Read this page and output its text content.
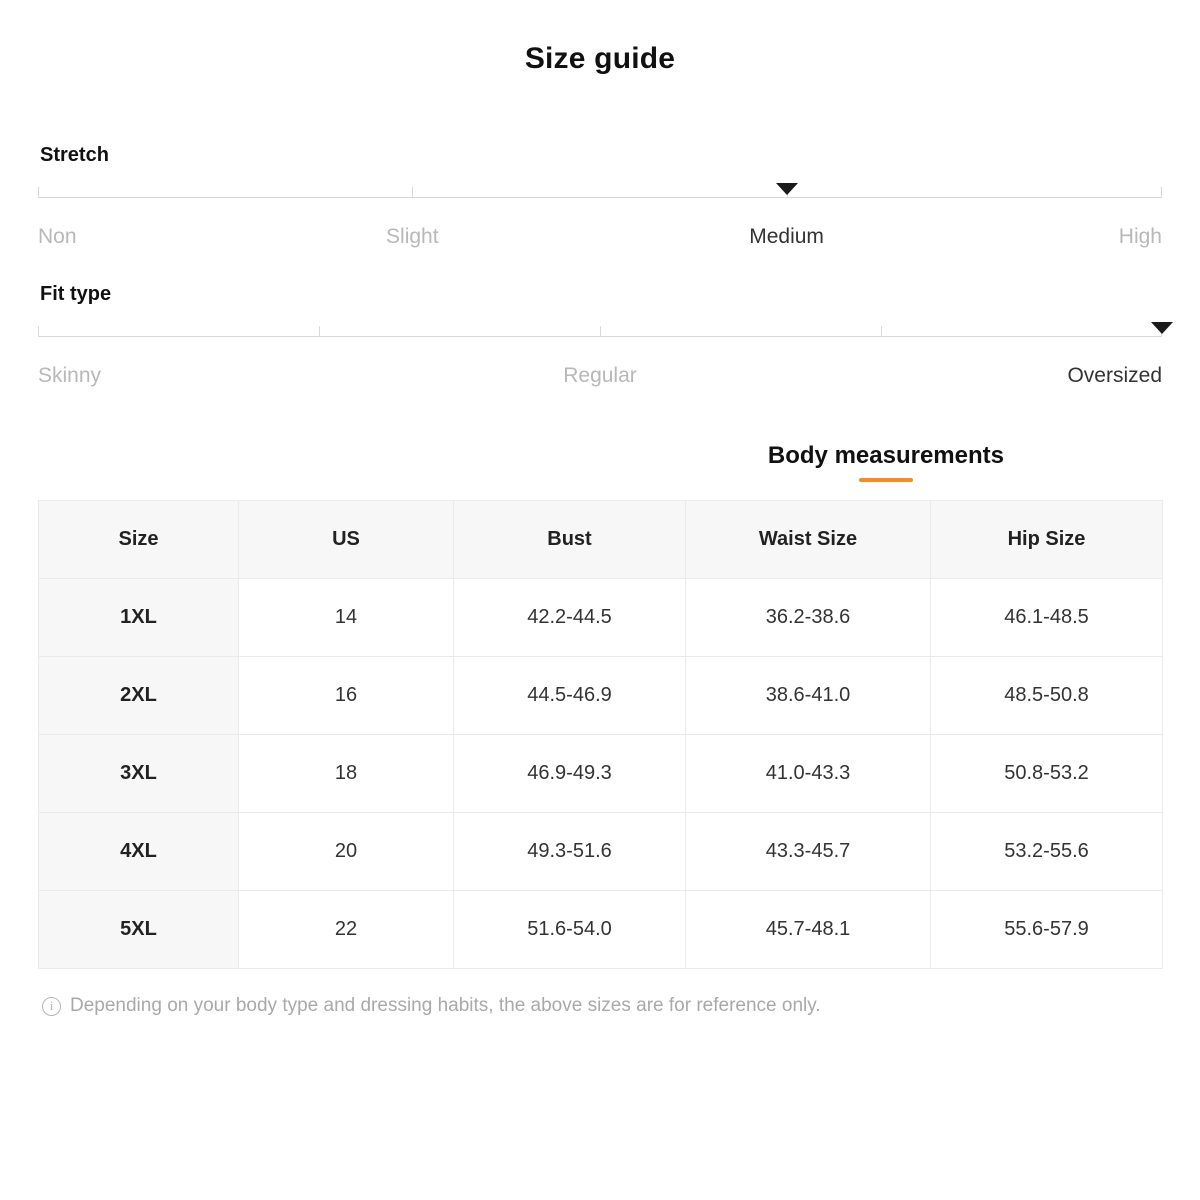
Size guide
Stretch
Non	Slight	Medium	High
Fit type
Skinny	Regular	Oversized
Body measurements
Size	US	Bust	Waist Size	Hip Size
1XL	14	42.2-44.5	36.2-38.6	46.1-48.5
2XL	16	44.5-46.9	38.6-41.0	48.5-50.8
3XL	18	46.9-49.3	41.0-43.3	50.8-53.2
4XL	20	49.3-51.6	43.3-45.7	53.2-55.6
5XL	22	51.6-54.0	45.7-48.1	55.6-57.9
i Depending on your body type and dressing habits, the above sizes are for reference only.
